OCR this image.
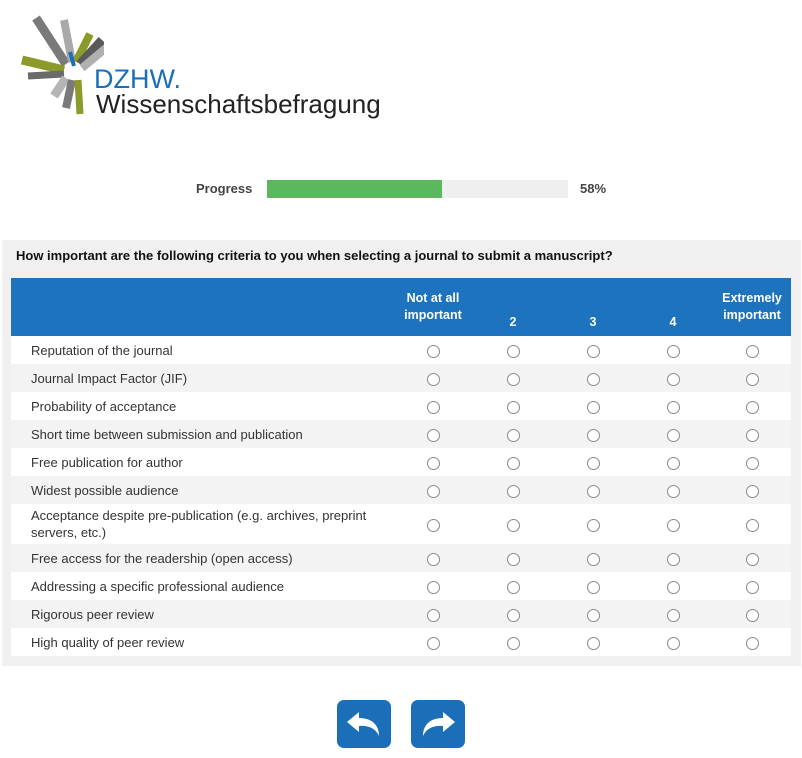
DZHW.
Wissenschaftsbefragung
Progress	58%
How important are the following criteria to you when selecting a journal to submit a manuscript?

	Not at all important	2	3	4	Extremely important

Reputation of the journal					
Journal Impact Factor (JIF)					
Probability of acceptance					
Short time between submission and publication					
Free publication for author					
Widest possible audience					
Acceptance despite pre-publication (e.g. archives, preprint servers, etc.)					
Free access for the readership (open access)					
Addressing a specific professional audience					
Rigorous peer review					
High quality of peer review					
